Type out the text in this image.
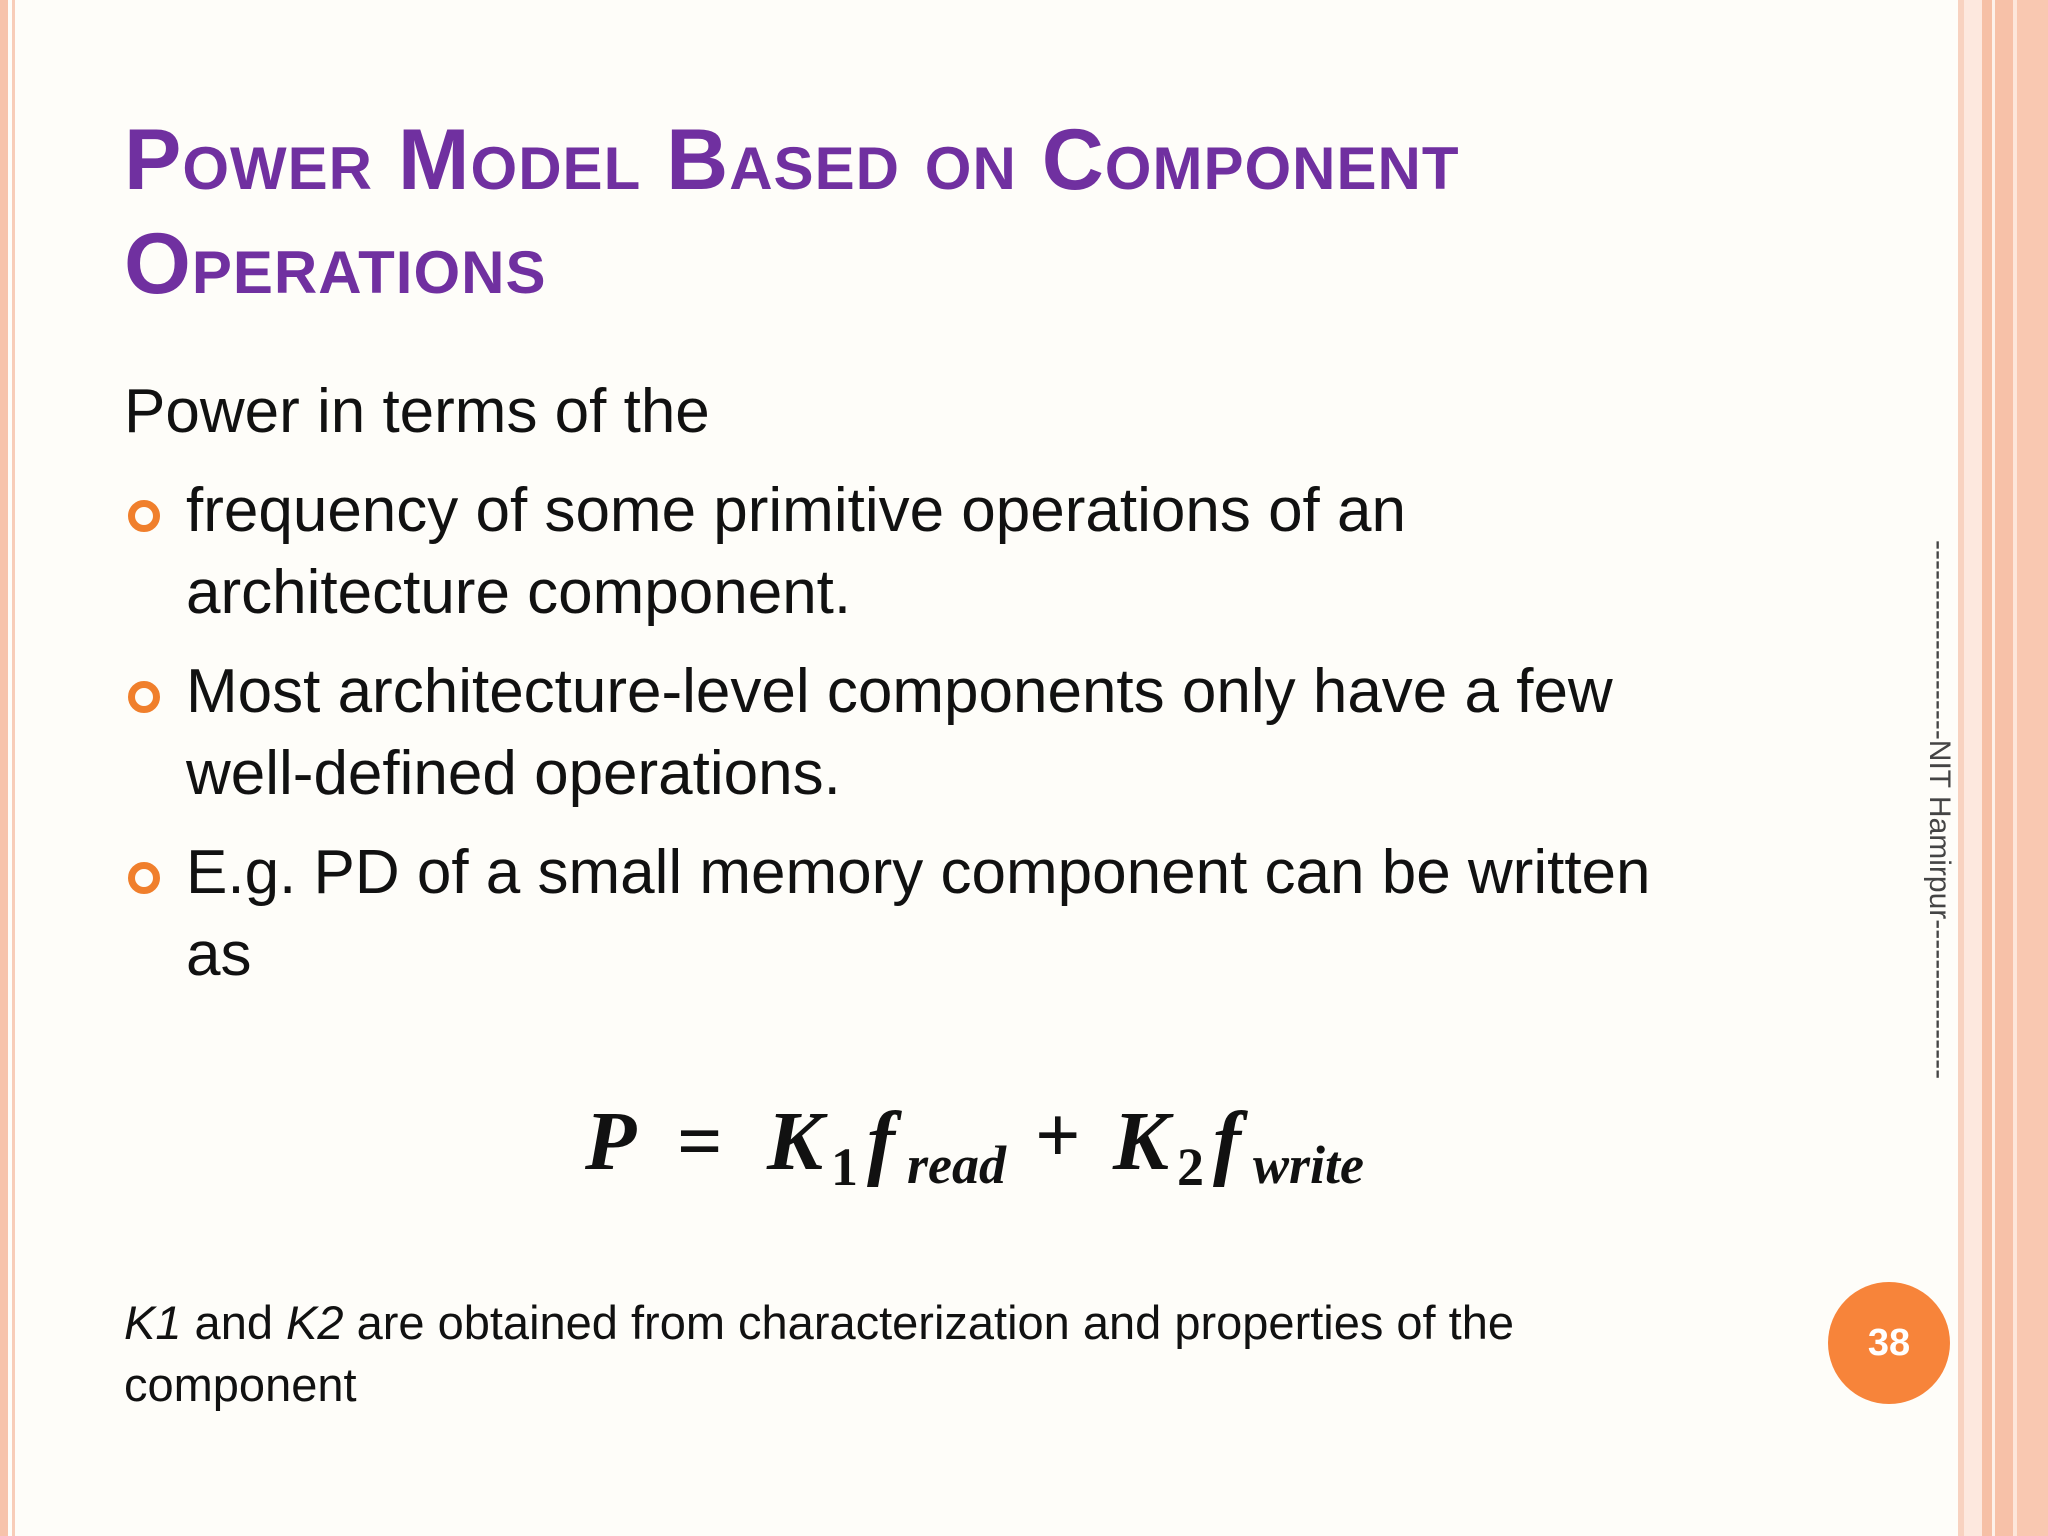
Power Model Based on Component Operations

Power in terms of the

frequency of some primitive operations of an architecture component.
Most architecture-level components only have a few well-defined operations.
E.g. PD of a small memory component can be written as
P = K 1 f read + K 2 f write

K1 and K2 are obtained from characterization and properties of the component

--------------------NIT Hamirpur----------------
38
